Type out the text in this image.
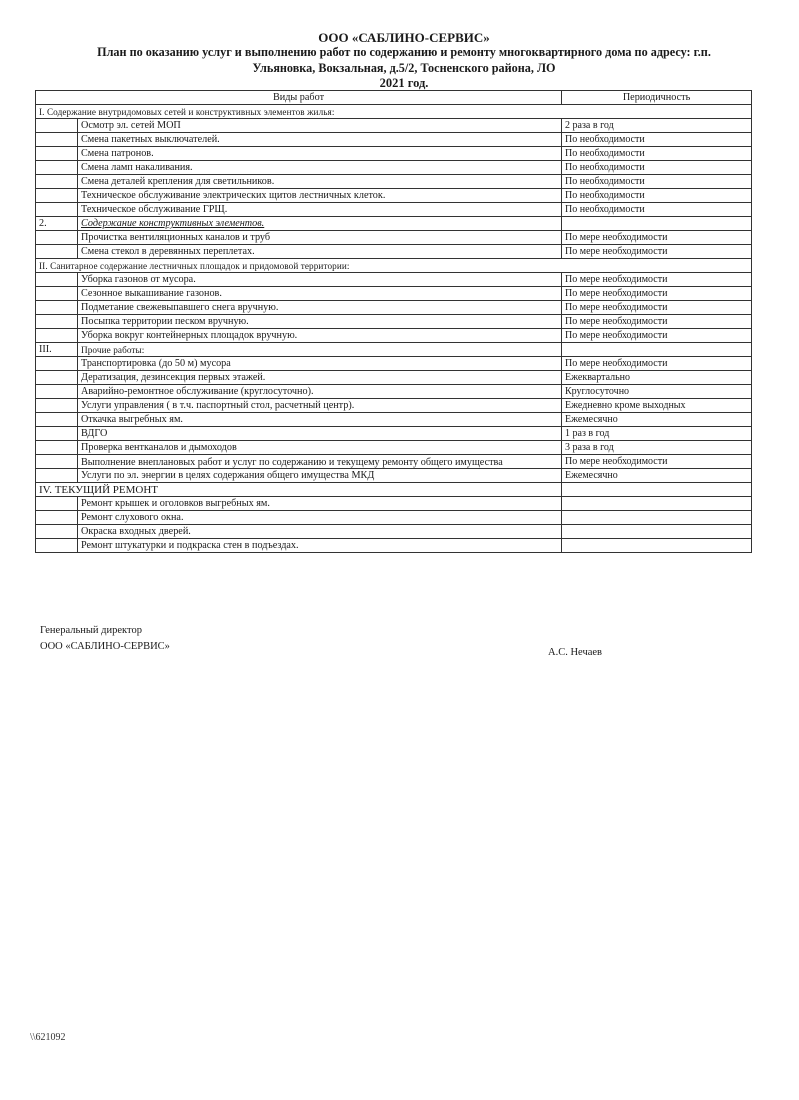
ООО «САБЛИНО-СЕРВИС»
План по оказанию услуг и выполнению работ по содержанию и ремонту многоквартирного дома по адресу: г.п.
Ульяновка, Вокзальная, д.5/2, Тосненского района, ЛО
2021 год.
Виды работ		Периодичность
I. Содержание внутридомовых сетей и конструктивных элементов жилья:		
	Осмотр эл. сетей МОП	2 раза в год
	Смена пакетных выключателей.	По необходимости
	Смена патронов.	По необходимости
	Смена ламп накаливания.	По необходимости
	Смена деталей крепления для светильников.	По необходимости
	Техническое обслуживание электрических щитов лестничных клеток.	По необходимости
	Техническое обслуживание ГРЩ.	По необходимости
2.	Содержание конструктивных элементов.	
	Прочистка вентиляционных каналов и труб	По мере необходимости
	Смена стекол в деревянных переплетах.	По мере необходимости
II. Санитарное содержание лестничных площадок и придомовой территории:		
	Уборка газонов от мусора.	По мере необходимости
	Сезонное выкашивание газонов.	По мере необходимости
	Подметание свежевыпавшего снега вручную.	По мере необходимости
	Посыпка территории песком вручную.	По мере необходимости
	Уборка вокруг контейнерных площадок вручную.	По мере необходимости
III.	Прочие работы:	
	Транспортировка (до 50 м) мусора	По мере необходимости
	Дератизация, дезинсекция первых этажей.	Ежеквартально
	Аварийно-ремонтное обслуживание (круглосуточно).	Круглосуточно
	Услуги управления ( в т.ч. паспортный стол, расчетный центр).	Ежедневно кроме выходных
	Откачка выгребных ям.	Ежемесячно
	ВДГО	1 раз в год
	Проверка вентканалов и дымоходов	3 раза в год
	Выполнение внеплановых работ и услуг по содержанию и текущему ремонту общего имущества	По мере необходимости
	Услуги по эл. энергии в целях содержания общего имущества МКД	Ежемесячно
IV. ТЕКУЩИЙ РЕМОНТ		
	Ремонт крышек и оголовков выгребных ям.	
	Ремонт слухового окна.	
	Окраска входных дверей.	
	Ремонт штукатурки и подкраска стен в подъездах.	
Генеральный директор
ООО «САБЛИНО-СЕРВИС»
А.С. Нечаев
\\621092
